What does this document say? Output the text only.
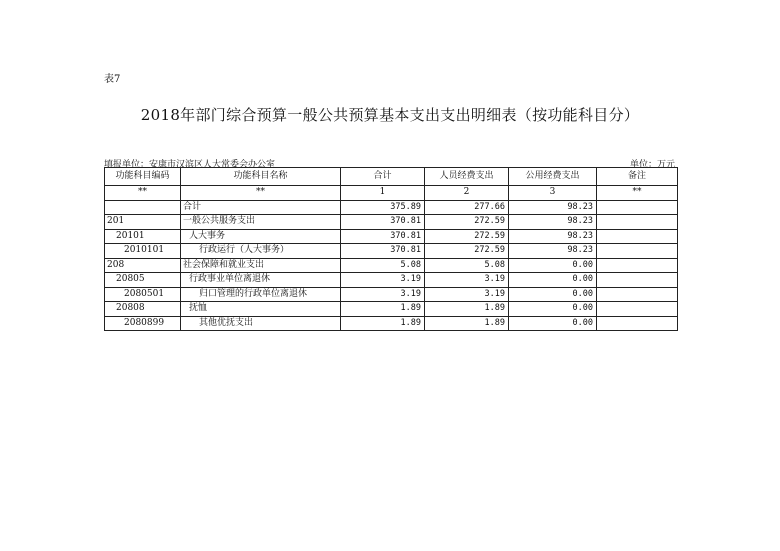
表7
2018年部门综合预算一般公共预算基本支出支出明细表（按功能科目分）
填报单位：安康市汉滨区人大常委会办公室	单位：万元
功能科目编码	功能科目名称	合计	人员经费支出	公用经费支出	备注
**	**	1	2	3	**
	合计	375.89	277.66	98.23	
201	一般公共服务支出	370.81	272.59	98.23	
20101	人大事务	370.81	272.59	98.23	
2010101	行政运行（人大事务）	370.81	272.59	98.23	
208	社会保障和就业支出	5.08	5.08	0.00	
20805	行政事业单位离退休	3.19	3.19	0.00	
2080501	归口管理的行政单位离退休	3.19	3.19	0.00	
20808	抚恤	1.89	1.89	0.00	
2080899	其他优抚支出	1.89	1.89	0.00	
